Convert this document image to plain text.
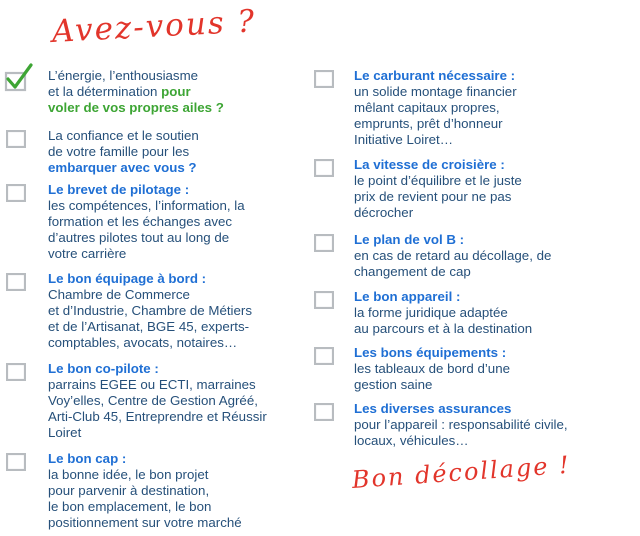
Avez-vous ?
L’énergie, l’enthousiasme
et la détermination pour
voler de vos propres ailes ?
La confiance et le soutien
de votre famille pour les
embarquer avec vous ?
Le brevet de pilotage :
les compétences, l’information, la
formation et les échanges avec
d’autres pilotes tout au long de
votre carrière
Le bon équipage à bord :
Chambre de Commerce
et d’Industrie, Chambre de Métiers
et de l’Artisanat, BGE 45, experts-
comptables, avocats, notaires…
Le bon co-pilote :
parrains EGEE ou ECTI, marraines
Voy’elles, Centre de Gestion Agréé,
Arti-Club 45, Entreprendre et Réussir
Loiret
Le bon cap :
la bonne idée, le bon projet
pour parvenir à destination,
le bon emplacement, le bon
positionnement sur votre marché
Le carburant nécessaire :
un solide montage financier
mêlant capitaux propres,
emprunts, prêt d’honneur
Initiative Loiret…
La vitesse de croisière :
le point d’équilibre et le juste
prix de revient pour ne pas
décrocher
Le plan de vol B :
en cas de retard au décollage, de
changement de cap
Le bon appareil :
la forme juridique adaptée
au parcours et à la destination
Les bons équipements :
les tableaux de bord d’une
gestion saine
Les diverses assurances
pour l’appareil : responsabilité civile,
locaux, véhicules…
Bon décollage !
